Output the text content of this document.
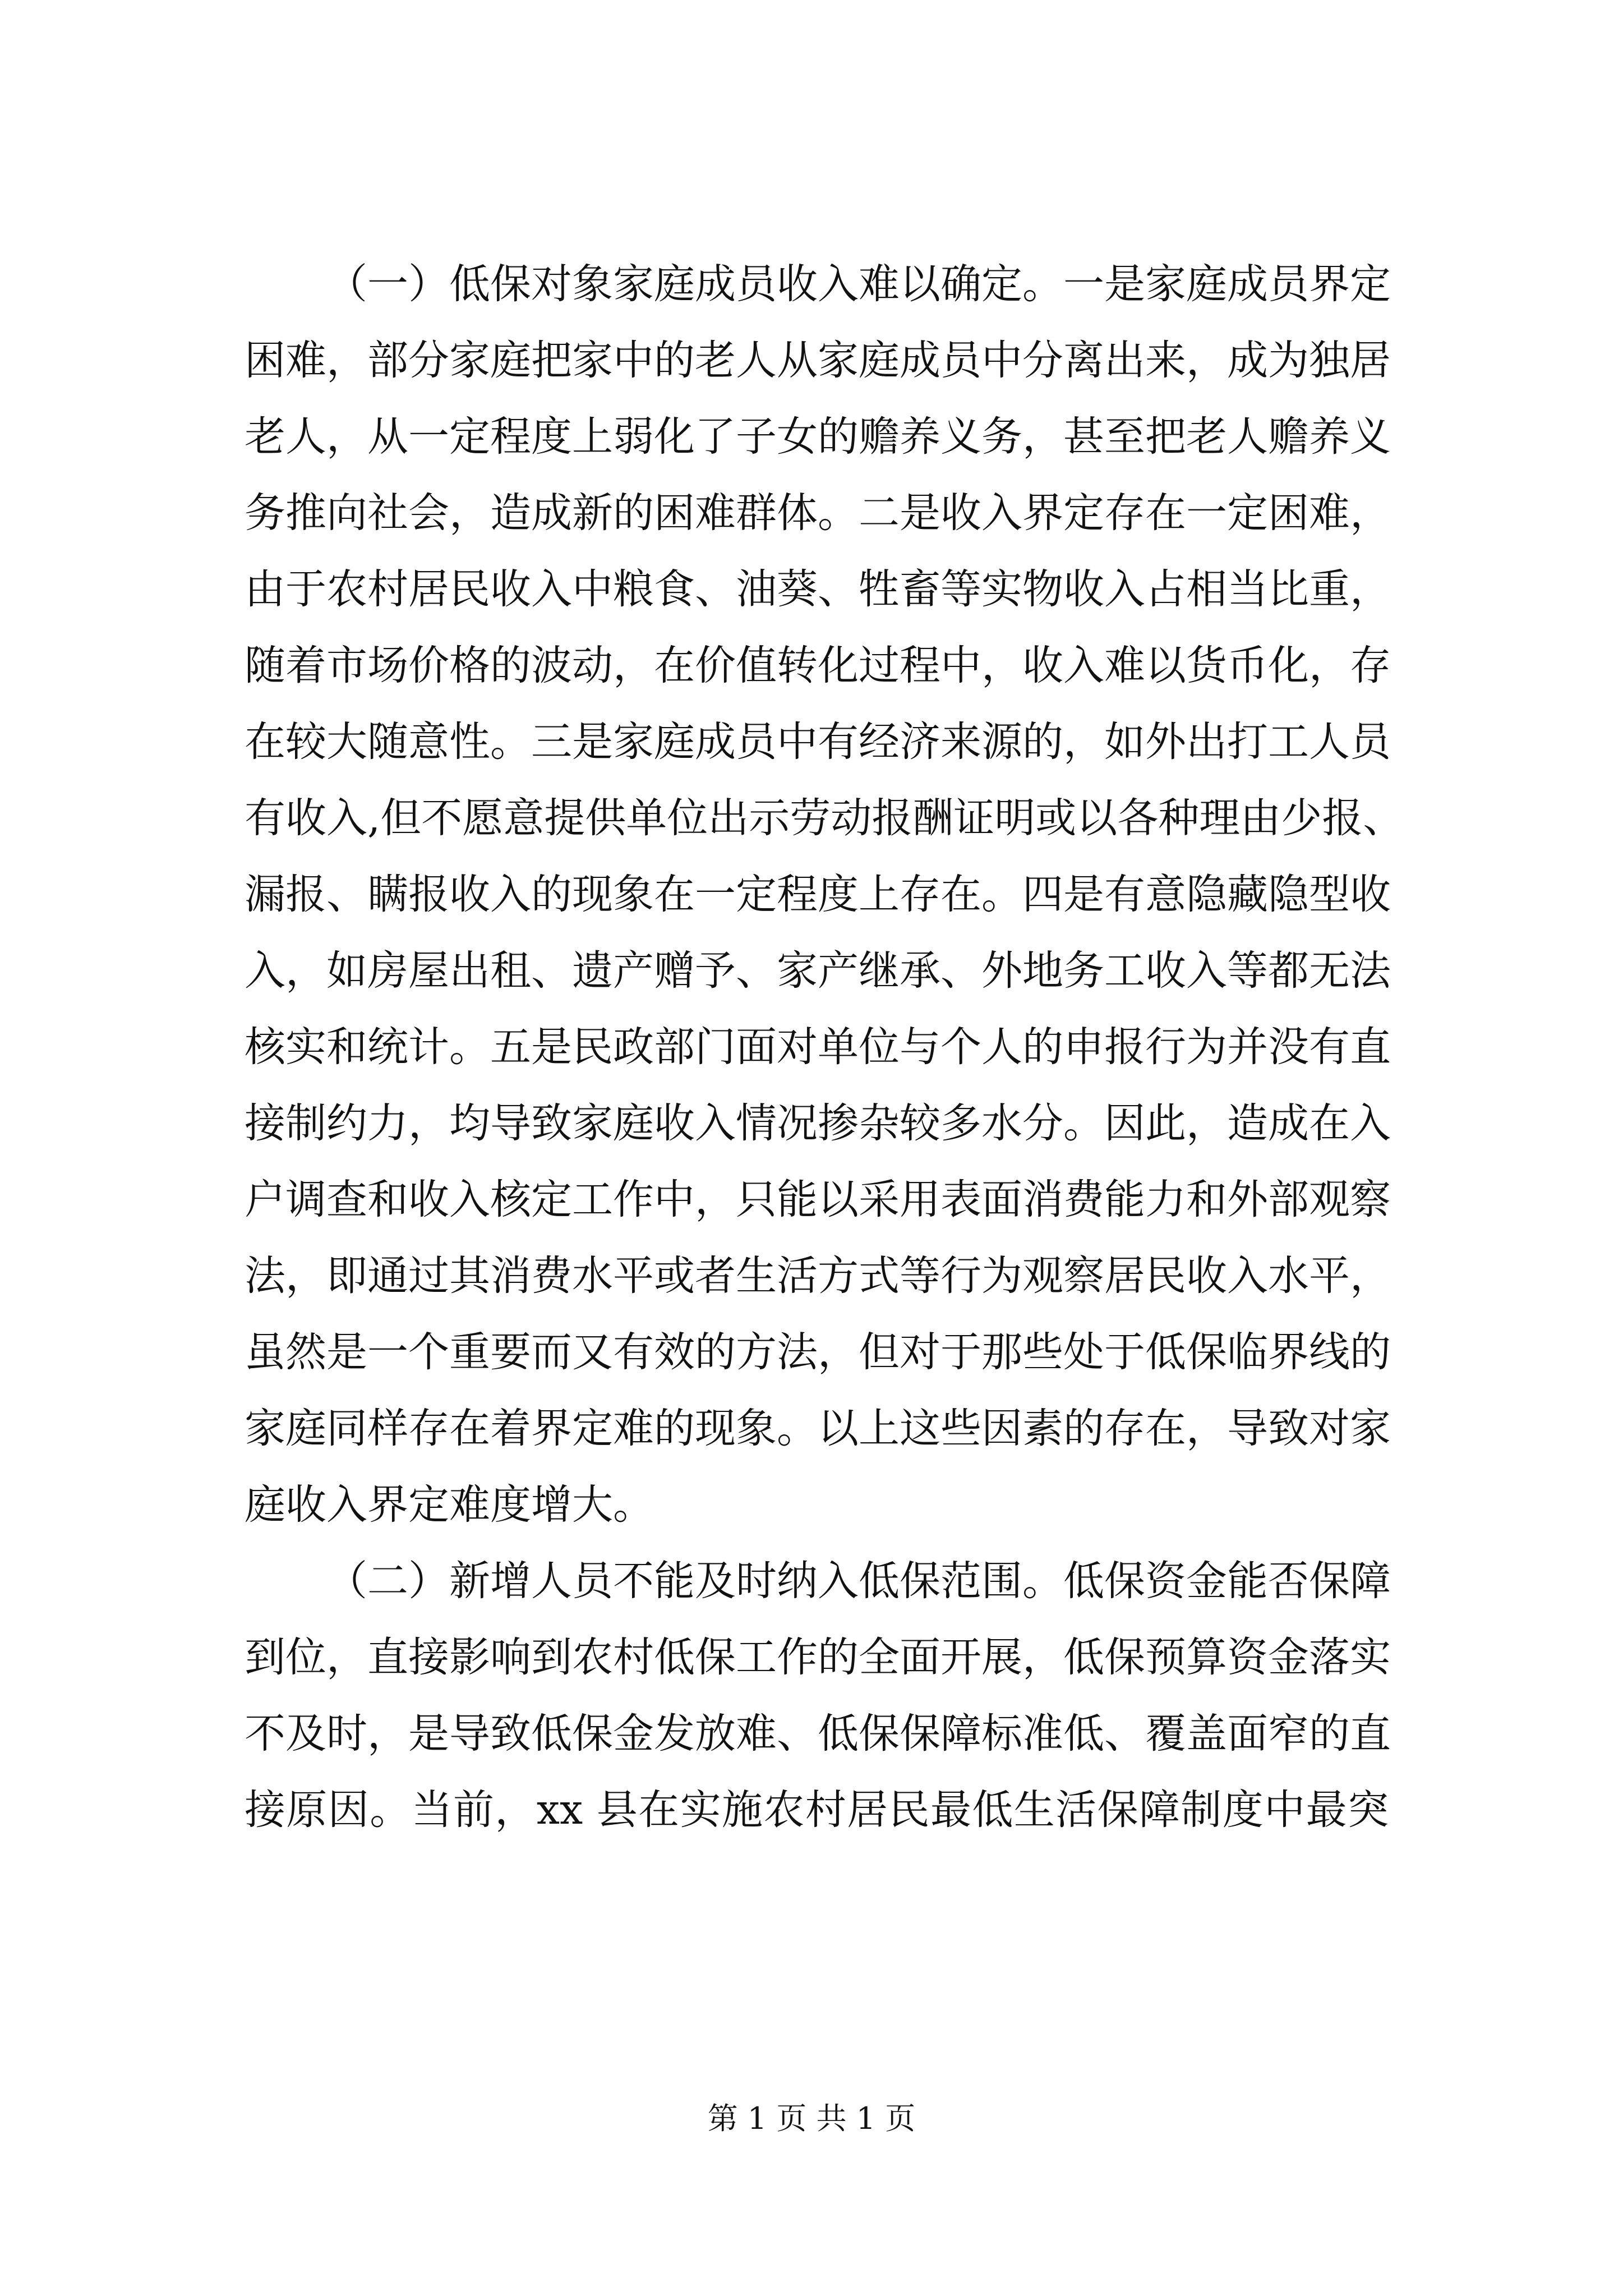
（一）低保对象家庭成员收入难以确定。一是家庭成员界定
困难，部分家庭把家中的老人从家庭成员中分离出来，成为独居
老人，从一定程度上弱化了子女的赡养义务，甚至把老人赡养义
务推向社会，造成新的困难群体。二是收入界定存在一定困难，
由于农村居民收入中粮食、油葵、牲畜等实物收入占相当比重，
随着市场价格的波动，在价值转化过程中，收入难以货币化，存
在较大随意性。三是家庭成员中有经济来源的，如外出打工人员
有收入,但不愿意提供单位出示劳动报酬证明或以各种理由少报、
漏报、瞒报收入的现象在一定程度上存在。四是有意隐藏隐型收
入，如房屋出租、遗产赠予、家产继承、外地务工收入等都无法
核实和统计。五是民政部门面对单位与个人的申报行为并没有直
接制约力，均导致家庭收入情况掺杂较多水分。因此，造成在入
户调查和收入核定工作中，只能以采用表面消费能力和外部观察
法，即通过其消费水平或者生活方式等行为观察居民收入水平，
虽然是一个重要而又有效的方法，但对于那些处于低保临界线的
家庭同样存在着界定难的现象。以上这些因素的存在，导致对家
庭收入界定难度增大。
（二）新增人员不能及时纳入低保范围。低保资金能否保障
到位，直接影响到农村低保工作的全面开展，低保预算资金落实
不及时，是导致低保金发放难、低保保障标准低、覆盖面窄的直
接原因。当前，xx 县在实施农村居民最低生活保障制度中最突
第 1 页 共 1 页
